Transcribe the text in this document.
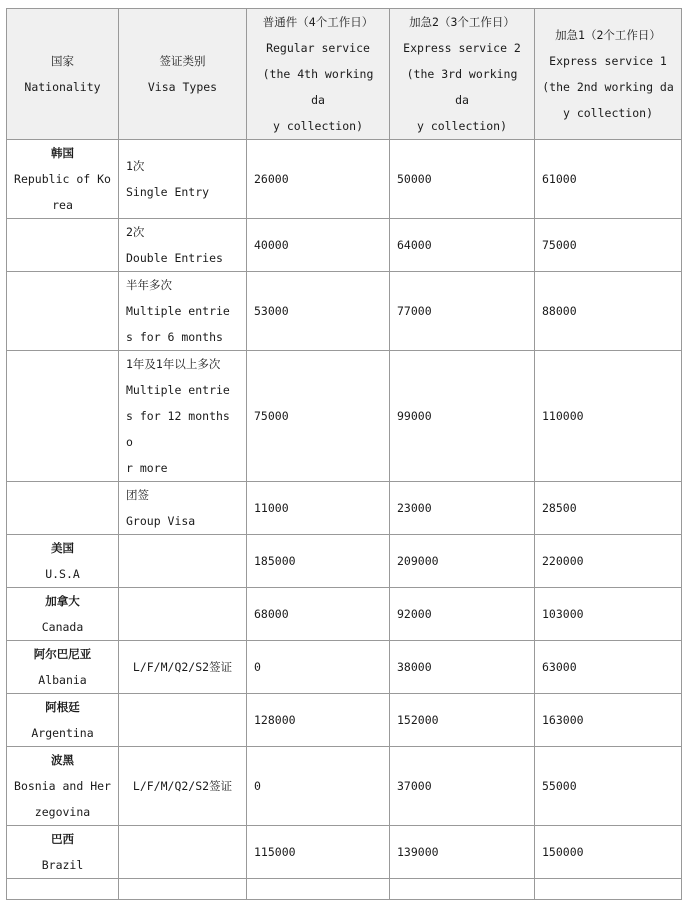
国家
Nationality	签证类别
Visa Types	普通件（4个工作日）
Regular service
(the 4th working da
y collection)	加急2（3个工作日）
Express service 2
(the 3rd working da
y collection)	加急1（2个工作日）
Express service 1
(the 2nd working da
y collection)

韩国
Republic of Ko
rea	1次
Single Entry	26000	50000	61000

	2次
Double Entries	40000	64000	75000

	半年多次
Multiple entrie
s for 6 months	53000	77000	88000

	1年及1年以上多次
Multiple entrie
s for 12 months o
r more	75000	99000	110000

	团签
Group Visa	11000	23000	28500

美国
U.S.A		185000	209000	220000

加拿大
Canada		68000	92000	103000

阿尔巴尼亚
Albania	L/F/M/Q2/S2签证	0	38000	63000

阿根廷
Argentina		128000	152000	163000

波黑
Bosnia and Her
zegovina	L/F/M/Q2/S2签证	0	37000	55000

巴西
Brazil		115000	139000	150000
